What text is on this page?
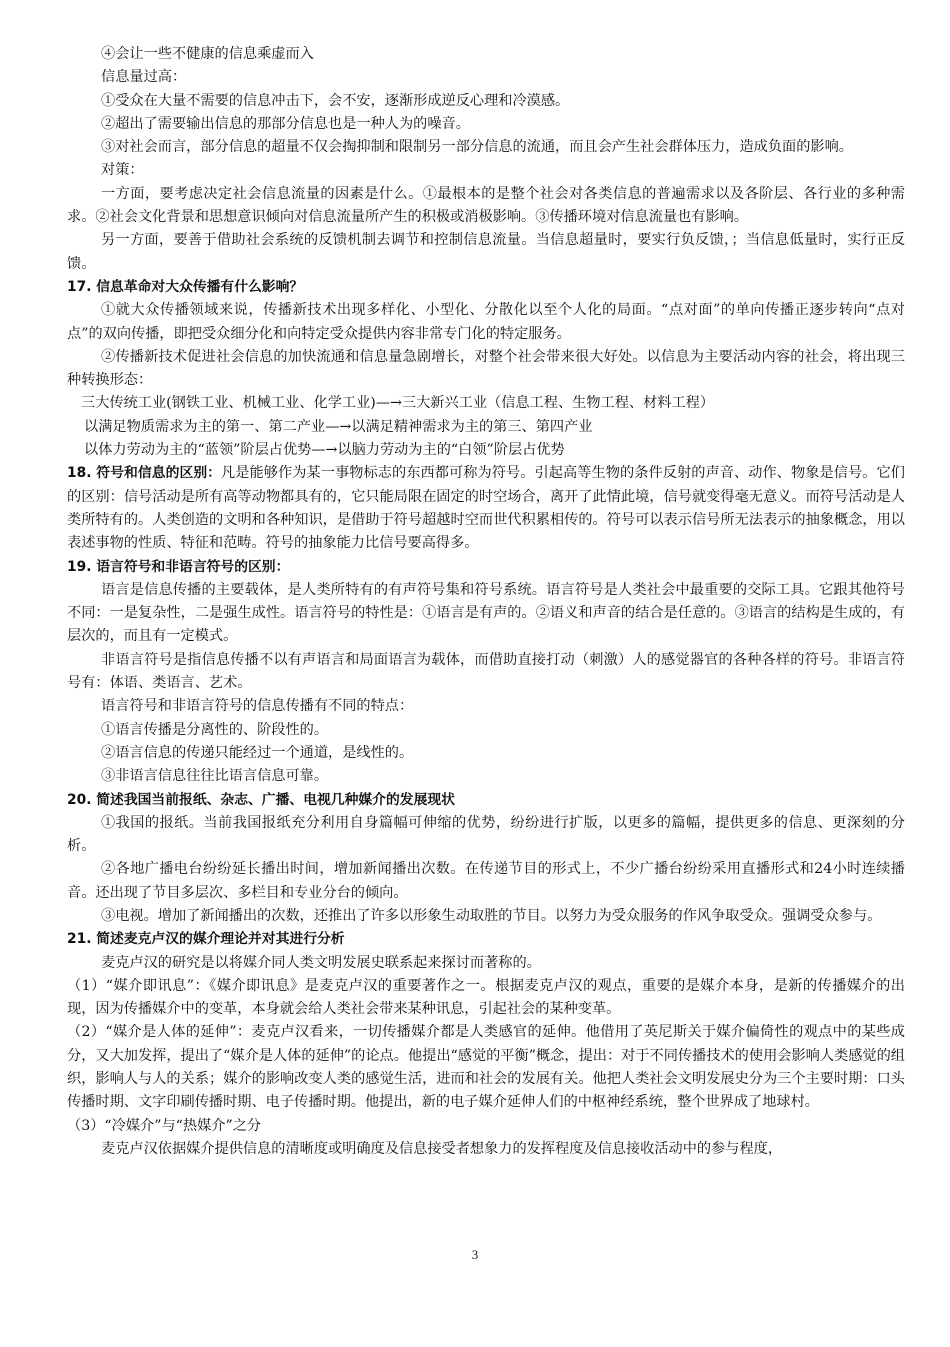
④会让一些不健康的信息乘虚而入
信息量过高：
①受众在大量不需要的信息冲击下，会不安，逐渐形成逆反心理和冷漠感。
②超出了需要输出信息的那部分信息也是一种人为的噪音。
③对社会而言，部分信息的超量不仅会掏抑制和限制另一部分信息的流通，而且会产生社会群体压力，造成负面的影响。
对策：
一方面，要考虑决定社会信息流量的因素是什么。①最根本的是整个社会对各类信息的普遍需求以及各阶层、各行业的多种需求。②社会文化背景和思想意识倾向对信息流量所产生的积极或消极影响。③传播环境对信息流量也有影响。
另一方面，要善于借助社会系统的反馈机制去调节和控制信息流量。当信息超量时，要实行负反馈，；当信息低量时，实行正反馈。
17. 信息革命对大众传播有什么影响？
①就大众传播领域来说，传播新技术出现多样化、小型化、分散化以至个人化的局面。“点对面”的单向传播正逐步转向“点对点”的双向传播，即把受众细分化和向特定受众提供内容非常专门化的特定服务。
②传播新技术促进社会信息的加快流通和信息量急剧增长，对整个社会带来很大好处。以信息为主要活动内容的社会，将出现三种转换形态：
三大传统工业(钢铁工业、机械工业、化学工业)—→三大新兴工业（信息工程、生物工程、材料工程）
以满足物质需求为主的第一、第二产业—→以满足精神需求为主的第三、第四产业
以体力劳动为主的“蓝领”阶层占优势—→以脑力劳动为主的“白领”阶层占优势
18. 符号和信息的区别：凡是能够作为某一事物标志的东西都可称为符号。引起高等生物的条件反射的声音、动作、物象是信号。它们的区别：信号活动是所有高等动物都具有的，它只能局限在固定的时空场合，离开了此情此境，信号就变得毫无意义。而符号活动是人类所特有的。人类创造的文明和各种知识，是借助于符号超越时空而世代积累相传的。符号可以表示信号所无法表示的抽象概念，用以表述事物的性质、特征和范畴。符号的抽象能力比信号要高得多。
19. 语言符号和非语言符号的区别：
语言是信息传播的主要载体，是人类所特有的有声符号集和符号系统。语言符号是人类社会中最重要的交际工具。它跟其他符号不同：一是复杂性，二是强生成性。语言符号的特性是：①语言是有声的。②语义和声音的结合是任意的。③语言的结构是生成的，有层次的，而且有一定模式。
非语言符号是指信息传播不以有声语言和局面语言为载体，而借助直接打动（刺激）人的感觉器官的各种各样的符号。非语言符号有：体语、类语言、艺术。
语言符号和非语言符号的信息传播有不同的特点：
①语言传播是分离性的、阶段性的。
②语言信息的传递只能经过一个通道，是线性的。
③非语言信息往往比语言信息可靠。
20. 简述我国当前报纸、杂志、广播、电视几种媒介的发展现状
①我国的报纸。当前我国报纸充分利用自身篇幅可伸缩的优势，纷纷进行扩版，以更多的篇幅，提供更多的信息、更深刻的分析。
②各地广播电台纷纷延长播出时间，增加新闻播出次数。在传递节目的形式上，不少广播台纷纷采用直播形式和24小时连续播音。还出现了节目多层次、多栏目和专业分台的倾向。
③电视。增加了新闻播出的次数，还推出了许多以形象生动取胜的节目。以努力为受众服务的作风争取受众。强调受众参与。
21. 简述麦克卢汉的媒介理论并对其进行分析
麦克卢汉的研究是以将媒介同人类文明发展史联系起来探讨而著称的。
（1）“媒介即讯息”：《媒介即讯息》是麦克卢汉的重要著作之一。根据麦克卢汉的观点，重要的是媒介本身，是新的传播媒介的出现，因为传播媒介中的变革，本身就会给人类社会带来某种讯息，引起社会的某种变革。
（2）“媒介是人体的延伸”：麦克卢汉看来，一切传播媒介都是人类感官的延伸。他借用了英尼斯关于媒介偏倚性的观点中的某些成分，又大加发挥，提出了“媒介是人体的延伸”的论点。他提出“感觉的平衡”概念，提出：对于不同传播技术的使用会影响人类感觉的组织，影响人与人的关系；媒介的影响改变人类的感觉生活，进而和社会的发展有关。他把人类社会文明发展史分为三个主要时期：口头传播时期、文字印刷传播时期、电子传播时期。他提出，新的电子媒介延伸人们的中枢神经系统，整个世界成了地球村。
（3）“冷媒介”与“热媒介”之分
麦克卢汉依据媒介提供信息的清晰度或明确度及信息接受者想象力的发挥程度及信息接收活动中的参与程度，
3
